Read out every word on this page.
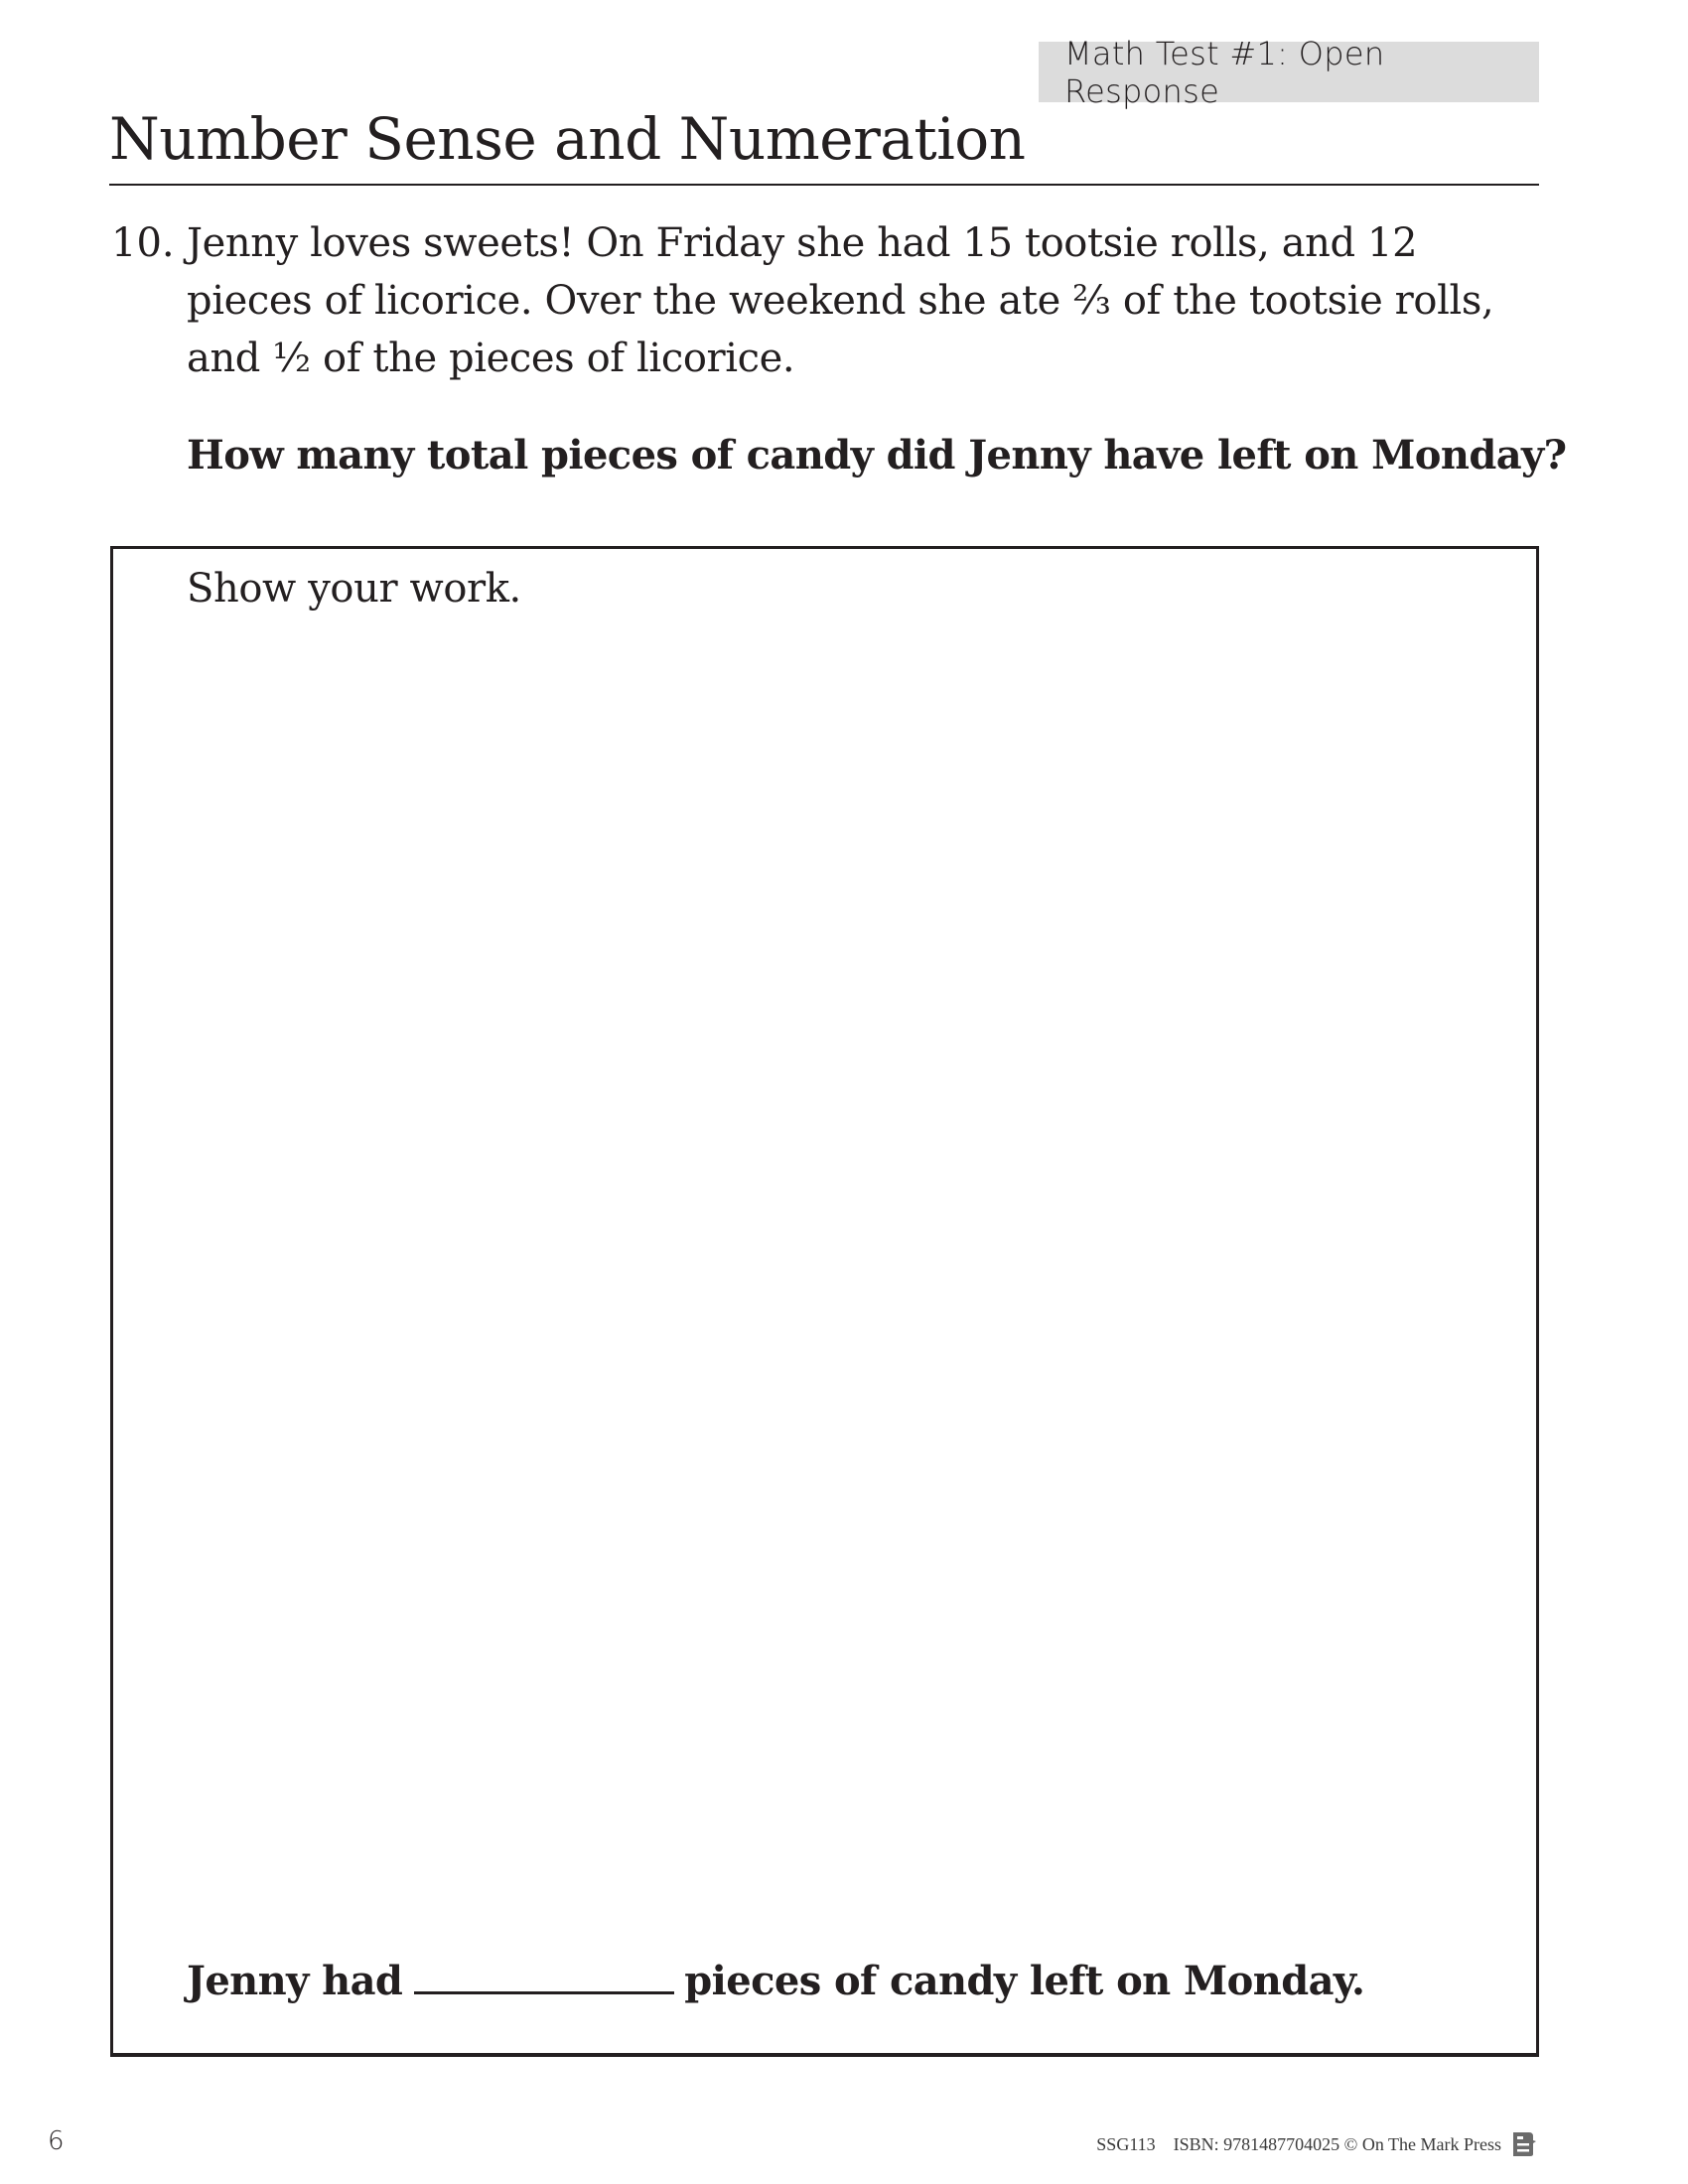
Math Test #1: Open Response
Number Sense and Numeration
10. Jenny loves sweets! On Friday she had 15 tootsie rolls, and 12 pieces of licorice. Over the weekend she ate ⅔ of the tootsie rolls, and ½ of the pieces of licorice.
How many total pieces of candy did Jenny have left on Monday?
Show your work.
Jenny had	pieces of candy left on Monday.
6	SSG113 ISBN: 9781487704025 © On The Mark Press
